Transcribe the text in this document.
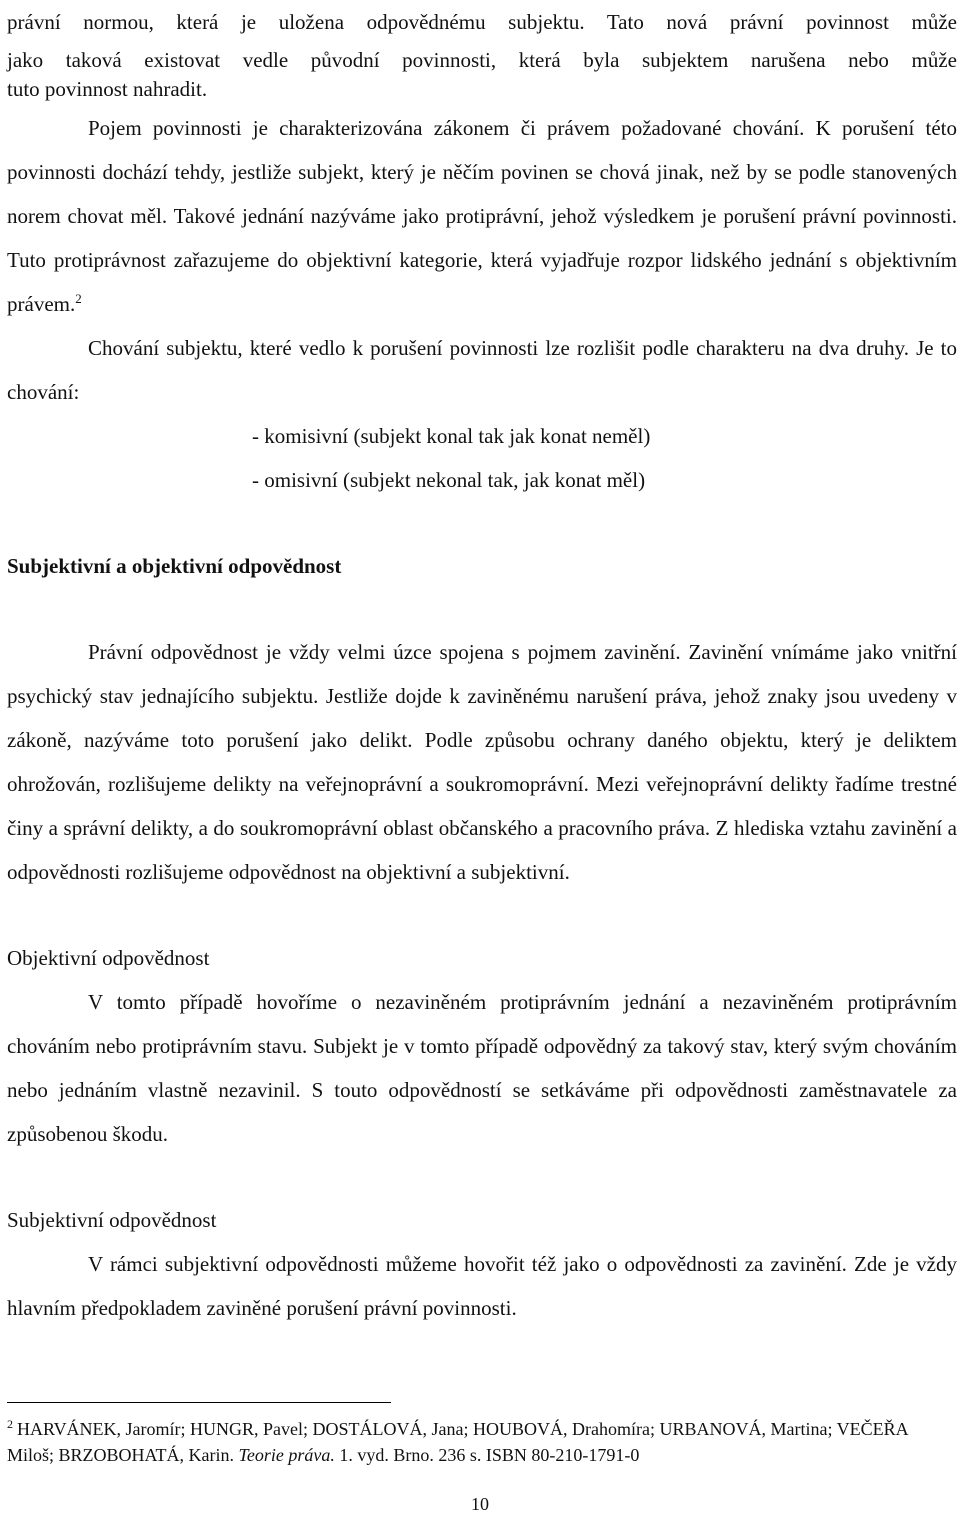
právní normou, která je uložena odpovědnému subjektu. Tato nová právní povinnost může
jako taková existovat vedle původní povinnosti, která byla subjektem narušena nebo může
tuto povinnost nahradit.

Pojem povinnosti je charakterizována zákonem či právem požadované chování. K porušení této povinnosti dochází tehdy, jestliže subjekt, který je něčím povinen se chová jinak, než by se podle stanovených norem chovat měl. Takové jednání nazýváme jako protiprávní, jehož výsledkem je porušení právní povinnosti. Tuto protiprávnost zařazujeme do objektivní kategorie, která vyjadřuje rozpor lidského jednání s objektivním právem.$^2$

Chování subjektu, které vedlo k porušení povinnosti lze rozlišit podle charakteru na dva druhy. Je to chování:

- komisivní (subjekt konal tak jak konat neměl)
- omisivní (subjekt nekonal tak, jak konat měl)

Subjektivní a objektivní odpovědnost

Právní odpovědnost je vždy velmi úzce spojena s pojmem zavinění. Zavinění vnímáme jako vnitřní psychický stav jednajícího subjektu. Jestliže dojde k zaviněnému narušení práva, jehož znaky jsou uvedeny v zákoně, nazýváme toto porušení jako delikt. Podle způsobu ochrany daného objektu, který je deliktem ohrožován, rozlišujeme delikty na veřejnoprávní a soukromoprávní. Mezi veřejnoprávní delikty řadíme trestné činy a správní delikty, a do soukromoprávní oblast občanského a pracovního práva. Z hlediska vztahu zavinění a odpovědnosti rozlišujeme odpovědnost na objektivní a subjektivní.

Objektivní odpovědnost

V tomto případě hovoříme o nezaviněném protiprávním jednání a nezaviněném protiprávním chováním nebo protiprávním stavu. Subjekt je v tomto případě odpovědný za takový stav, který svým chováním nebo jednáním vlastně nezavinil. S touto odpovědností se setkáváme při odpovědnosti zaměstnavatele za způsobenou škodu.

Subjektivní odpovědnost

V rámci subjektivní odpovědnosti můžeme hovořit též jako o odpovědnosti za zavinění. Zde je vždy hlavním předpokladem zaviněné porušení právní povinnosti.

$^2$ HARVÁNEK, Jaromír; HUNGR, Pavel; DOSTÁLOVÁ, Jana; HOUBOVÁ, Drahomíra; URBANOVÁ, Martina; VEČEŘA Miloš; BRZOBOHATÁ, Karin. Teorie práva. 1. vyd. Brno. 236 s. ISBN 80-210-1791-0
10
